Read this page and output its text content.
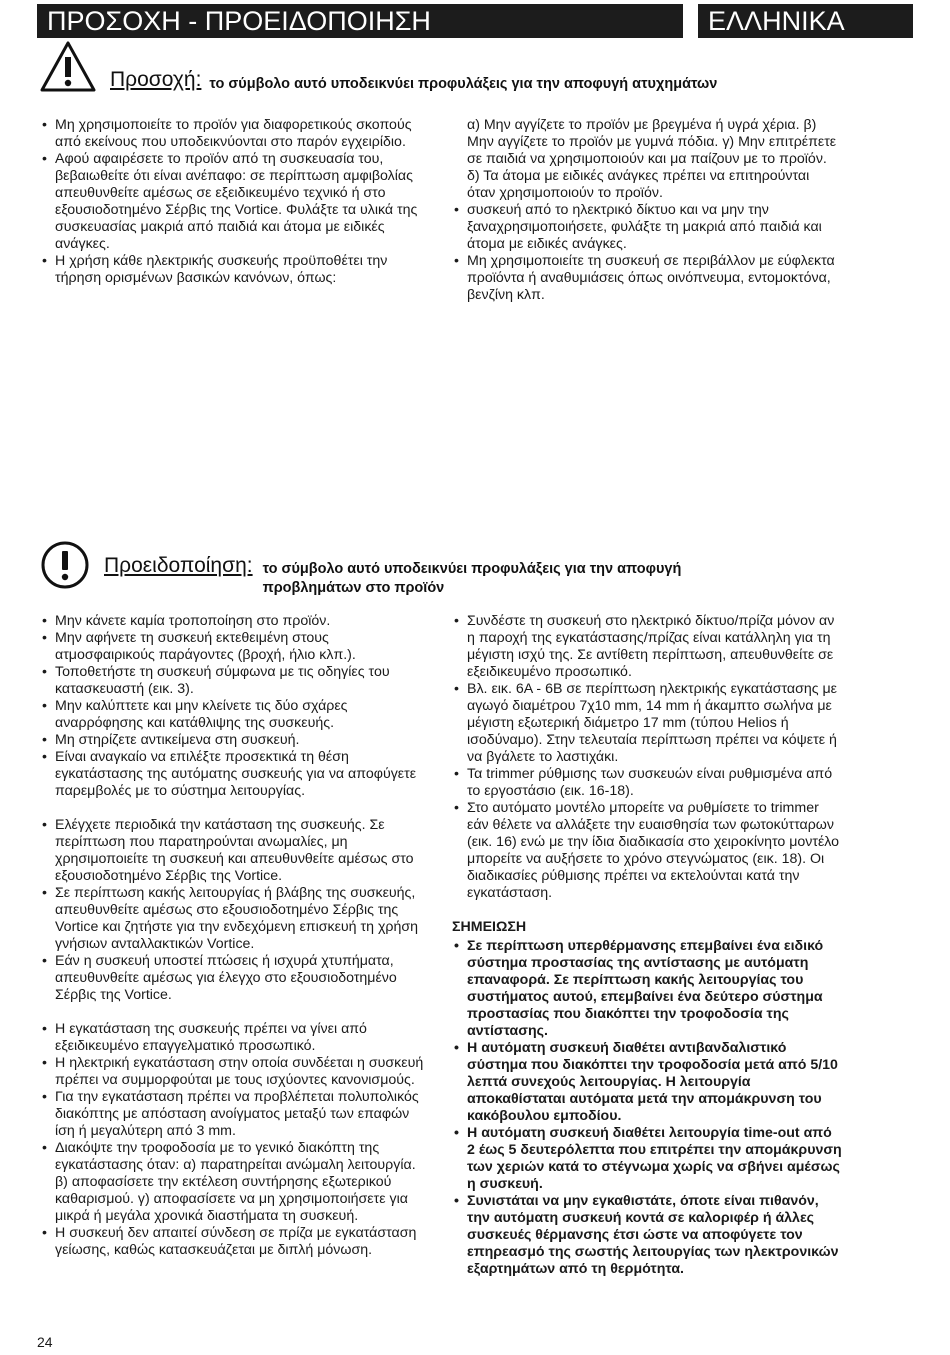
ΠΡΟΣΟΧΗ - ΠΡΟΕΙΔΟΠΟΙΗΣΗ	ΕΛΛΗΝΙΚΑ
Προσοχή: το σύμβολο αυτό υποδεικνύει προφυλάξεις για την αποφυγή ατυχημάτων
• Μη χρησιμοποιείτε το προϊόν για διαφορετικούς σκοπούς από εκείνους που υποδεικνύονται στο παρόν εγχειρίδιο.
• Αφού αφαιρέσετε το προϊόν από τη συσκευασία του, βεβαιωθείτε ότι είναι ανέπαφο: σε περίπτωση αμφιβολίας απευθυνθείτε αμέσως σε εξειδικευμένο τεχνικό ή στο εξουσιοδοτημένο Σέρβις της Vortice. Φυλάξτε τα υλικά της συσκευασίας μακριά από παιδιά και άτομα με ειδικές ανάγκες.
• Η χρήση κάθε ηλεκτρικής συσκευής προϋποθέτει την τήρηση ορισμένων βασικών κανόνων, όπως:
α) Μην αγγίζετε το προϊόν με βρεγμένα ή υγρά χέρια. β) Μην αγγίζετε το προϊόν με γυμνά πόδια. γ) Μην επιτρέπετε σε παιδιά να χρησιμοποιούν και μα παίζουν με το προϊόν. δ) Τα άτομα με ειδικές ανάγκες πρέπει να επιτηρούνται όταν χρησιμοποιούν το προϊόν.
• συσκευή από το ηλεκτρικό δίκτυο και να μην την ξαναχρησιμοποιήσετε, φυλάξτε τη μακριά από παιδιά και άτομα με ειδικές ανάγκες.
• Μη χρησιμοποιείτε τη συσκευή σε περιβάλλον με εύφλεκτα προϊόντα ή αναθυμιάσεις όπως οινόπνευμα, εντομοκτόνα, βενζίνη κλπ.
Προειδοποίηση: το σύμβολο αυτό υποδεικνύει προφυλάξεις για την αποφυγή
προβλημάτων στο προϊόν
• Μην κάνετε καμία τροποποίηση στο προϊόν.
• Μην αφήνετε τη συσκευή εκτεθειμένη στους ατμοσφαιρικούς παράγοντες (βροχή, ήλιο κλπ.).
• Τοποθετήστε τη συσκευή σύμφωνα με τις οδηγίες του κατασκευαστή (εικ. 3).
• Μην καλύπτετε και μην κλείνετε τις δύο σχάρες αναρρόφησης και κατάθλιψης της συσκευής.
• Μη στηρίζετε αντικείμενα στη συσκευή.
• Είναι αναγκαίο να επιλέξτε προσεκτικά τη θέση εγκατάστασης της αυτόματης συσκευής για να αποφύγετε παρεμβολές με το σύστημα λειτουργίας.
• Ελέγχετε περιοδικά την κατάσταση της συσκευής. Σε περίπτωση που παρατηρούνται ανωμαλίες, μη χρησιμοποιείτε τη συσκευή και απευθυνθείτε αμέσως στο εξουσιοδοτημένο Σέρβις της Vortice.
• Σε περίπτωση κακής λειτουργίας ή βλάβης της συσκευής, απευθυνθείτε αμέσως στο εξουσιοδοτημένο Σέρβις της Vortice και ζητήστε για την ενδεχόμενη επισκευή τη χρήση γνήσιων ανταλλακτικών Vortice.
• Εάν η συσκευή υποστεί πτώσεις ή ισχυρά χτυπήματα, απευθυνθείτε αμέσως για έλεγχο στο εξουσιοδοτημένο Σέρβις της Vortice.
• Η εγκατάσταση της συσκευής πρέπει να γίνει από εξειδικευμένο επαγγελματικό προσωπικό.
• Η ηλεκτρική εγκατάσταση στην οποία συνδέεται η συσκευή πρέπει να συμμορφούται με τους ισχύοντες κανονισμούς.
• Για την εγκατάσταση πρέπει να προβλέπεται πολυπολικός διακόπτης με απόσταση ανοίγματος μεταξύ των επαφών ίση ή μεγαλύτερη από 3 mm.
• Διακόψτε την τροφοδοσία με το γενικό διακόπτη της εγκατάστασης όταν: α) παρατηρείται ανώμαλη λειτουργία. β) αποφασίσετε την εκτέλεση συντήρησης εξωτερικού καθαρισμού. γ) αποφασίσετε να μη χρησιμοποιήσετε για μικρά ή μεγάλα χρονικά διαστήματα τη συσκευή.
• Η συσκευή δεν απαιτεί σύνδεση σε πρίζα με εγκατάσταση γείωσης, καθώς κατασκευάζεται με διπλή μόνωση.
• Συνδέστε τη συσκευή στο ηλεκτρικό δίκτυο/πρίζα μόνον αν η παροχή της εγκατάστασης/πρίζας είναι κατάλληλη για τη μέγιστη ισχύ της. Σε αντίθετη περίπτωση, απευθυνθείτε σε εξειδικευμένο προσωπικό.
• Βλ. εικ. 6A - 6B σε περίπτωση ηλεκτρικής εγκατάστασης με αγωγό διαμέτρου 7χ10 mm, 14 mm ή άκαμπτο σωλήνα με μέγιστη εξωτερική διάμετρο 17 mm (τύπου Helios ή ισοδύναμο). Στην τελευταία περίπτωση πρέπει να κόψετε ή να βγάλετε το λαστιχάκι.
• Τα trimmer ρύθμισης των συσκευών είναι ρυθμισμένα από το εργοστάσιο (εικ. 16-18).
• Στο αυτόματο μοντέλο μπορείτε να ρυθμίσετε το trimmer εάν θέλετε να αλλάξετε την ευαισθησία των φωτοκύτταρων (εικ. 16) ενώ με την ίδια διαδικασία στο χειροκίνητο μοντέλο μπορείτε να αυξήσετε το χρόνο στεγνώματος (εικ. 18). Οι διαδικασίες ρύθμισης πρέπει να εκτελούνται κατά την εγκατάσταση.
ΣΗΜΕΙΩΣΗ
• Σε περίπτωση υπερθέρμανσης επεμβαίνει ένα ειδικό σύστημα προστασίας της αντίστασης με αυτόματη επαναφορά. Σε περίπτωση κακής λειτουργίας του συστήματος αυτού, επεμβαίνει ένα δεύτερο σύστημα προστασίας που διακόπτει την τροφοδοσία της αντίστασης.
• Η αυτόματη συσκευή διαθέτει αντιβανδαλιστικό σύστημα που διακόπτει την τροφοδοσία μετά από 5/10 λεπτά συνεχούς λειτουργίας. Η λειτουργία αποκαθίσταται αυτόματα μετά την απομάκρυνση του κακόβουλου εμποδίου.
• Η αυτόματη συσκευή διαθέτει λειτουργία time-out από 2 έως 5 δευτερόλεπτα που επιτρέπει την απομάκρυνση των χεριών κατά το στέγνωμα χωρίς να σβήνει αμέσως η συσκευή.
• Συνιστάται να μην εγκαθιστάτε, όποτε είναι πιθανόν, την αυτόματη συσκευή κοντά σε καλοριφέρ ή άλλες συσκευές θέρμανσης έτσι ώστε να αποφύγετε τον επηρεασμό της σωστής λειτουργίας των ηλεκτρονικών εξαρτημάτων από τη θερμότητα.
24
